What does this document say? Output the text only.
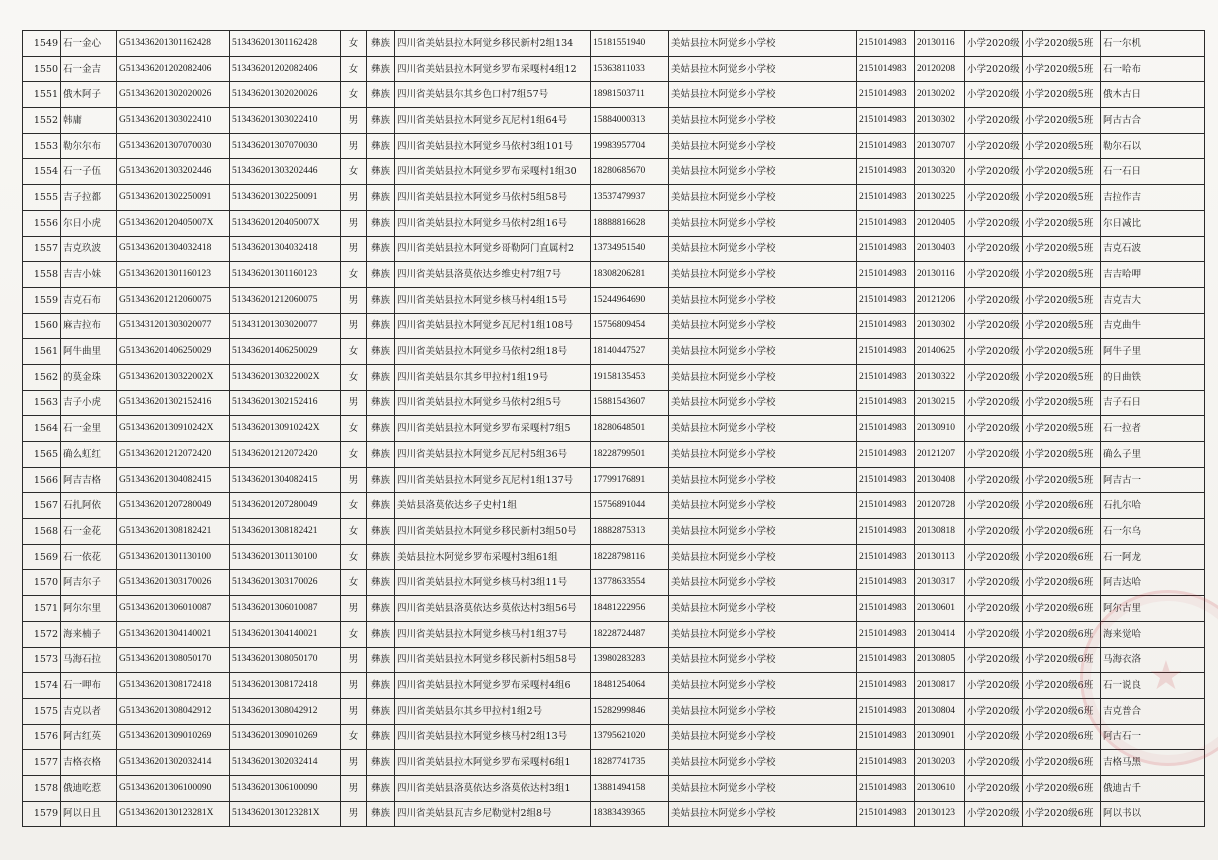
1549	石一金心	G513436201301162428	513436201301162428	女	彝族	四川省美姑县拉木阿觉乡移民新村2组134	15181551940	美姑县拉木阿觉乡小学校	2151014983	20130116	小学2020级	小学2020级5班	石一尔机
1550	石一金吉	G513436201202082406	513436201202082406	女	彝族	四川省美姑县拉木阿觉乡罗布采嘎村4组12	15363811033	美姑县拉木阿觉乡小学校	2151014983	20120208	小学2020级	小学2020级5班	石一哈布
1551	俄木阿子	G513436201302020026	513436201302020026	女	彝族	四川省美姑县尔其乡色口村7组57号	18981503711	美姑县拉木阿觉乡小学校	2151014983	20130202	小学2020级	小学2020级5班	俄木古日
1552	韩庸	G513436201303022410	513436201303022410	男	彝族	四川省美姑县拉木阿觉乡瓦尼村1组64号	15884000313	美姑县拉木阿觉乡小学校	2151014983	20130302	小学2020级	小学2020级5班	阿古古合
1553	勒尔尔布	G513436201307070030	513436201307070030	男	彝族	四川省美姑县拉木阿觉乡马依村3组101号	19983957704	美姑县拉木阿觉乡小学校	2151014983	20130707	小学2020级	小学2020级5班	勒尔石以
1554	石一子伍	G513436201303202446	513436201303202446	女	彝族	四川省美姑县拉木阿觉乡罗布采嘎村1组30	18280685670	美姑县拉木阿觉乡小学校	2151014983	20130320	小学2020级	小学2020级5班	石一石日
1555	吉子拉都	G513436201302250091	513436201302250091	男	彝族	四川省美姑县拉木阿觉乡马依村5组58号	13537479937	美姑县拉木阿觉乡小学校	2151014983	20130225	小学2020级	小学2020级5班	吉拉作吉
1556	尔日小虎	G51343620120405007X	51343620120405007X	男	彝族	四川省美姑县拉木阿觉乡马依村2组16号	18888816628	美姑县拉木阿觉乡小学校	2151014983	20120405	小学2020级	小学2020级5班	尔日减比
1557	吉克玖波	G513436201304032418	513436201304032418	男	彝族	四川省美姑县拉木阿觉乡哥勒阿门直属村2	13734951540	美姑县拉木阿觉乡小学校	2151014983	20130403	小学2020级	小学2020级5班	吉克石波
1558	吉吉小妹	G513436201301160123	513436201301160123	女	彝族	四川省美姑县洛莫依达乡维史村7组7号	18308206281	美姑县拉木阿觉乡小学校	2151014983	20130116	小学2020级	小学2020级5班	吉吉哈呷
1559	吉克石布	G513436201212060075	513436201212060075	男	彝族	四川省美姑县拉木阿觉乡核马村4组15号	15244964690	美姑县拉木阿觉乡小学校	2151014983	20121206	小学2020级	小学2020级5班	吉克吉大
1560	麻吉拉布	G513431201303020077	513431201303020077	男	彝族	四川省美姑县拉木阿觉乡瓦尼村1组108号	15756809454	美姑县拉木阿觉乡小学校	2151014983	20130302	小学2020级	小学2020级5班	吉克曲牛
1561	阿牛曲里	G513436201406250029	513436201406250029	女	彝族	四川省美姑县拉木阿觉乡马依村2组18号	18140447527	美姑县拉木阿觉乡小学校	2151014983	20140625	小学2020级	小学2020级5班	阿牛子里
1562	的莫金珠	G51343620130322002X	51343620130322002X	女	彝族	四川省美姑县尔其乡甲拉村1组19号	19158135453	美姑县拉木阿觉乡小学校	2151014983	20130322	小学2020级	小学2020级5班	的日曲铁
1563	吉子小虎	G513436201302152416	513436201302152416	男	彝族	四川省美姑县拉木阿觉乡马依村2组5号	15881543607	美姑县拉木阿觉乡小学校	2151014983	20130215	小学2020级	小学2020级5班	吉子石日
1564	石一金里	G51343620130910242X	51343620130910242X	女	彝族	四川省美姑县拉木阿觉乡罗布采嘎村7组5	18280648501	美姑县拉木阿觉乡小学校	2151014983	20130910	小学2020级	小学2020级5班	石一拉者
1565	确么虹红	G513436201212072420	513436201212072420	女	彝族	四川省美姑县拉木阿觉乡瓦尼村5组36号	18228799501	美姑县拉木阿觉乡小学校	2151014983	20121207	小学2020级	小学2020级5班	确么子里
1566	阿吉吉格	G513436201304082415	513436201304082415	男	彝族	四川省美姑县拉木阿觉乡瓦尼村1组137号	17799176891	美姑县拉木阿觉乡小学校	2151014983	20130408	小学2020级	小学2020级5班	阿吉古一
1567	石扎阿依	G513436201207280049	513436201207280049	女	彝族	美姑县洛莫依达乡子史村1组	15756891044	美姑县拉木阿觉乡小学校	2151014983	20120728	小学2020级	小学2020级6班	石扎尔哈
1568	石一金花	G513436201308182421	513436201308182421	女	彝族	四川省美姑县拉木阿觉乡移民新村3组50号	18882875313	美姑县拉木阿觉乡小学校	2151014983	20130818	小学2020级	小学2020级6班	石一尔乌
1569	石一依花	G513436201301130100	513436201301130100	女	彝族	美姑县拉木阿觉乡罗布采嘎村3组61组	18228798116	美姑县拉木阿觉乡小学校	2151014983	20130113	小学2020级	小学2020级6班	石一阿龙
1570	阿吉尔子	G513436201303170026	513436201303170026	女	彝族	四川省美姑县拉木阿觉乡核马村3组11号	13778633554	美姑县拉木阿觉乡小学校	2151014983	20130317	小学2020级	小学2020级6班	阿吉达哈
1571	阿尔尔里	G513436201306010087	513436201306010087	男	彝族	四川省美姑县洛莫依达乡莫依达村3组56号	18481222956	美姑县拉木阿觉乡小学校	2151014983	20130601	小学2020级	小学2020级6班	阿尔古里
1572	海来楠子	G513436201304140021	513436201304140021	女	彝族	四川省美姑县拉木阿觉乡核马村1组37号	18228724487	美姑县拉木阿觉乡小学校	2151014983	20130414	小学2020级	小学2020级6班	海来觉哈
1573	马海石拉	G513436201308050170	513436201308050170	男	彝族	四川省美姑县拉木阿觉乡移民新村5组58号	13980283283	美姑县拉木阿觉乡小学校	2151014983	20130805	小学2020级	小学2020级6班	马海衣洛
1574	石一呷布	G513436201308172418	513436201308172418	男	彝族	四川省美姑县拉木阿觉乡罗布采嘎村4组6	18481254064	美姑县拉木阿觉乡小学校	2151014983	20130817	小学2020级	小学2020级6班	石一说良
1575	吉克以者	G513436201308042912	513436201308042912	男	彝族	四川省美姑县尔其乡甲拉村1组2号	15282999846	美姑县拉木阿觉乡小学校	2151014983	20130804	小学2020级	小学2020级6班	吉克普合
1576	阿古红英	G513436201309010269	513436201309010269	女	彝族	四川省美姑县拉木阿觉乡核马村2组13号	13795621020	美姑县拉木阿觉乡小学校	2151014983	20130901	小学2020级	小学2020级6班	阿古石一
1577	吉格衣格	G513436201302032414	513436201302032414	男	彝族	四川省美姑县拉木阿觉乡罗布采嘎村6组1	18287741735	美姑县拉木阿觉乡小学校	2151014983	20130203	小学2020级	小学2020级6班	吉格马黑
1578	俄迪吃惹	G513436201306100090	513436201306100090	男	彝族	四川省美姑县洛莫依达乡洛莫依达村3组1	13881494158	美姑县拉木阿觉乡小学校	2151014983	20130610	小学2020级	小学2020级6班	俄迪古千
1579	阿以日且	G51343620130123281X	51343620130123281X	男	彝族	四川省美姑县瓦吉乡尼勒觉村2组8号	18383439365	美姑县拉木阿觉乡小学校	2151014983	20130123	小学2020级	小学2020级6班	阿以书以
★
